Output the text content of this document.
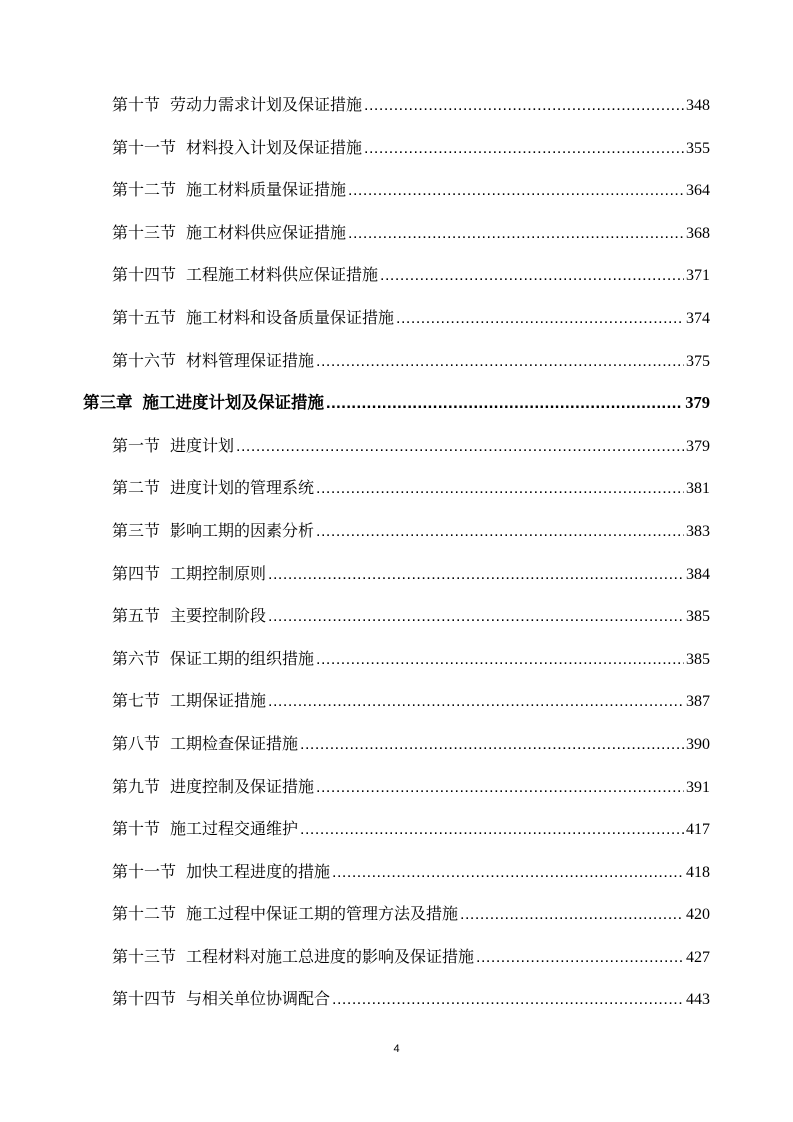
第十节 劳动力需求计划及保证措施 .....	348
第十一节 材料投入计划及保证措施 .....	355
第十二节 施工材料质量保证措施 .....	364
第十三节 施工材料供应保证措施 .....	368
第十四节 工程施工材料供应保证措施 .....	371
第十五节 施工材料和设备质量保证措施 .....	374
第十六节 材料管理保证措施 .....	375
第三章 施工进度计划及保证措施 .....	379
第一节 进度计划 .....	379
第二节 进度计划的管理系统 .....	381
第三节 影响工期的因素分析 .....	383
第四节 工期控制原则 .....	384
第五节 主要控制阶段 .....	385
第六节 保证工期的组织措施 .....	385
第七节 工期保证措施 .....	387
第八节 工期检查保证措施 .....	390
第九节 进度控制及保证措施 .....	391
第十节 施工过程交通维护 .....	417
第十一节 加快工程进度的措施 .....	418
第十二节 施工过程中保证工期的管理方法及措施 .....	420
第十三节 工程材料对施工总进度的影响及保证措施 .....	427
第十四节 与相关单位协调配合 .....	443
4
